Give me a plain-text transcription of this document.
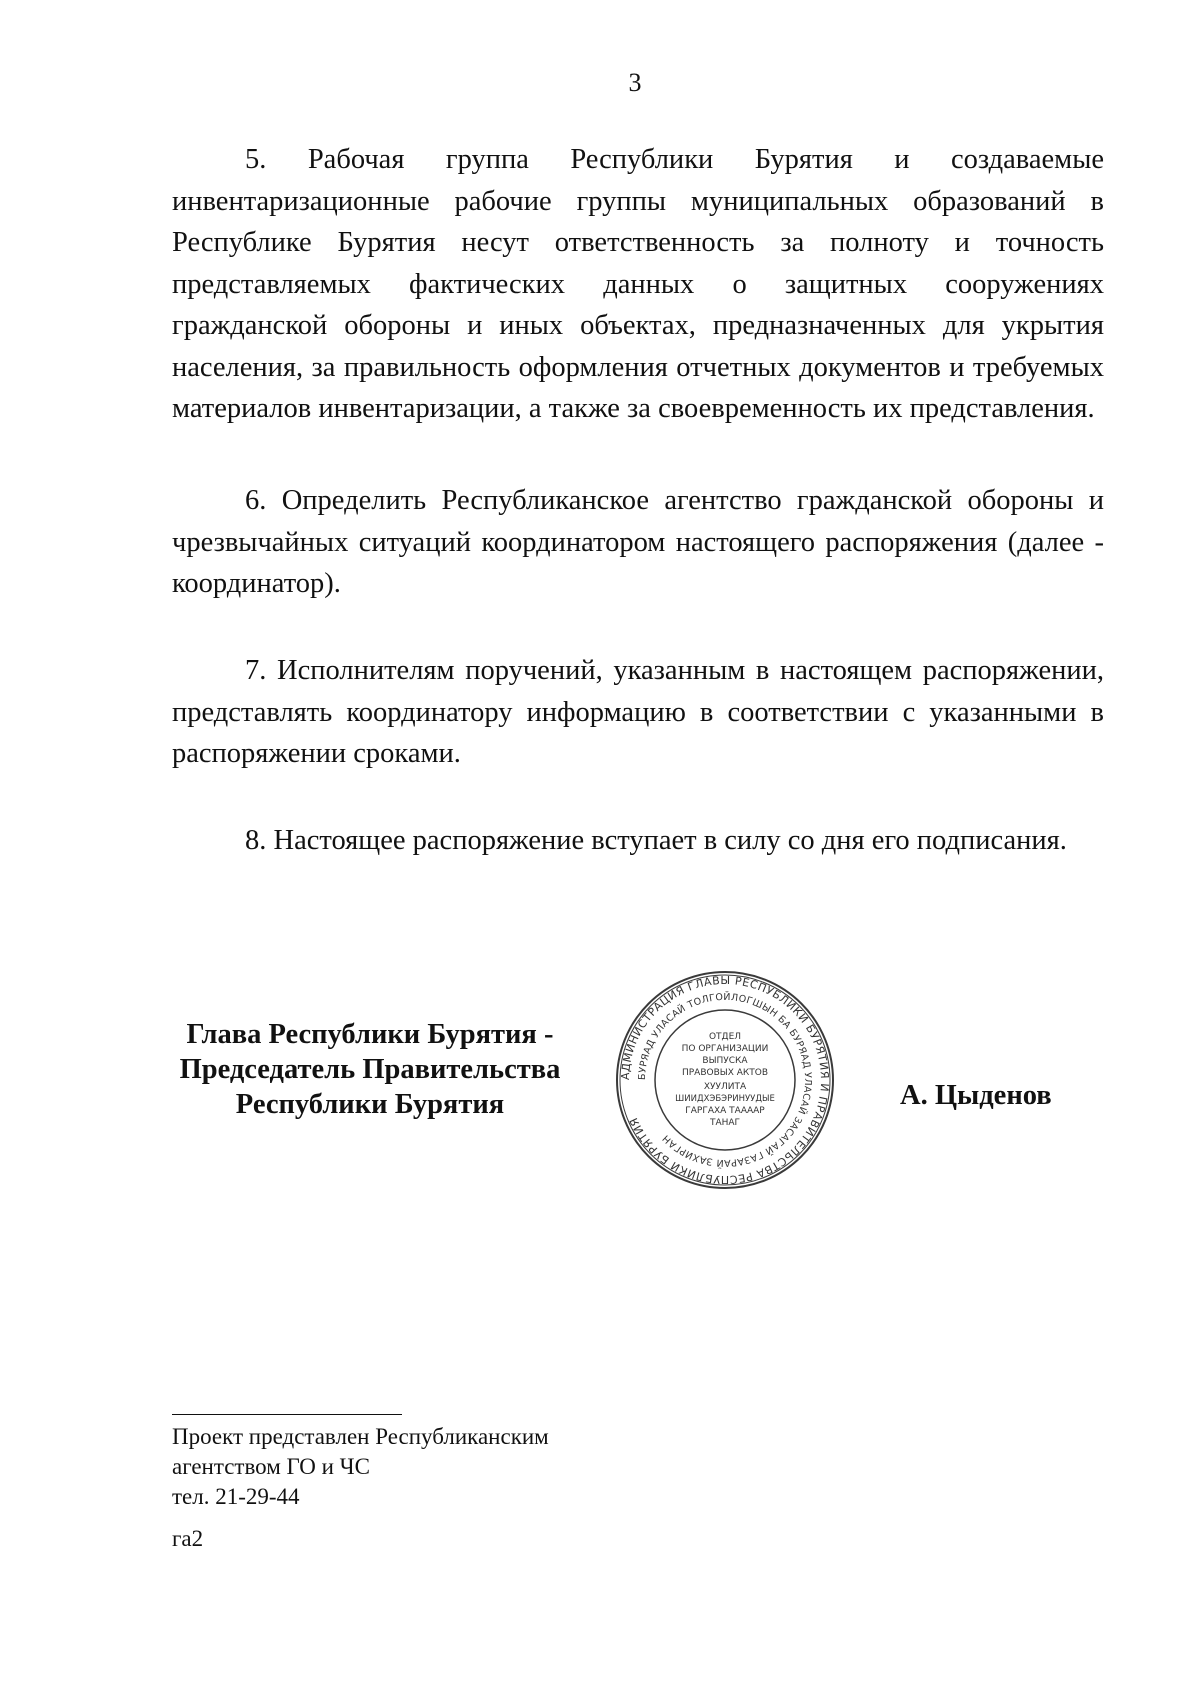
3

5. Рабочая группа Республики Бурятия и создаваемые инвентаризационные рабочие группы муниципальных образований в Республике Бурятия несут ответственность за полноту и точность представляемых фактических данных о защитных сооружениях гражданской обороны и иных объектах, предназначенных для укрытия населения, за правильность оформления отчетных документов и требуемых материалов инвентаризации, а также за своевременность их представления.

6. Определить Республиканское агентство гражданской обороны и чрезвычайных ситуаций координатором настоящего распоряжения (далее - координатор).

7. Исполнителям поручений, указанным в настоящем распоряжении, представлять координатору информацию в соответствии с указанными в распоряжении сроками.

8. Настоящее распоряжение вступает в силу со дня его подписания.

Глава Республики Бурятия -
Председатель Правительства
Республики Бурятия
АДМИНИСТРАЦИЯ ГЛАВЫ РЕСПУБЛИКИ БУРЯТИЯ И ПРАВИТЕЛЬСТВА РЕСПУБЛИКИ БУРЯТИЯ
БУРЯАД УЛАСАЙ ТОЛГОЙЛОГШЫН БА БУРЯАД УЛАСАЙ ЗАСАГАЙ ГАЗАРАЙ ЗАХИРГАН
ОТДЕЛ
ПО ОРГАНИЗАЦИИ
ВЫПУСКА
ПРАВОВЫХ АКТОВ
ХУУЛИТА
ШИИДХЭБЭРИНУУДЫЕ
ГАРГАХА ТААААР
ТАНАГ
А. Цыденов
Проект представлен Республиканским
агентством ГО и ЧС
тел. 21-29-44
га2
